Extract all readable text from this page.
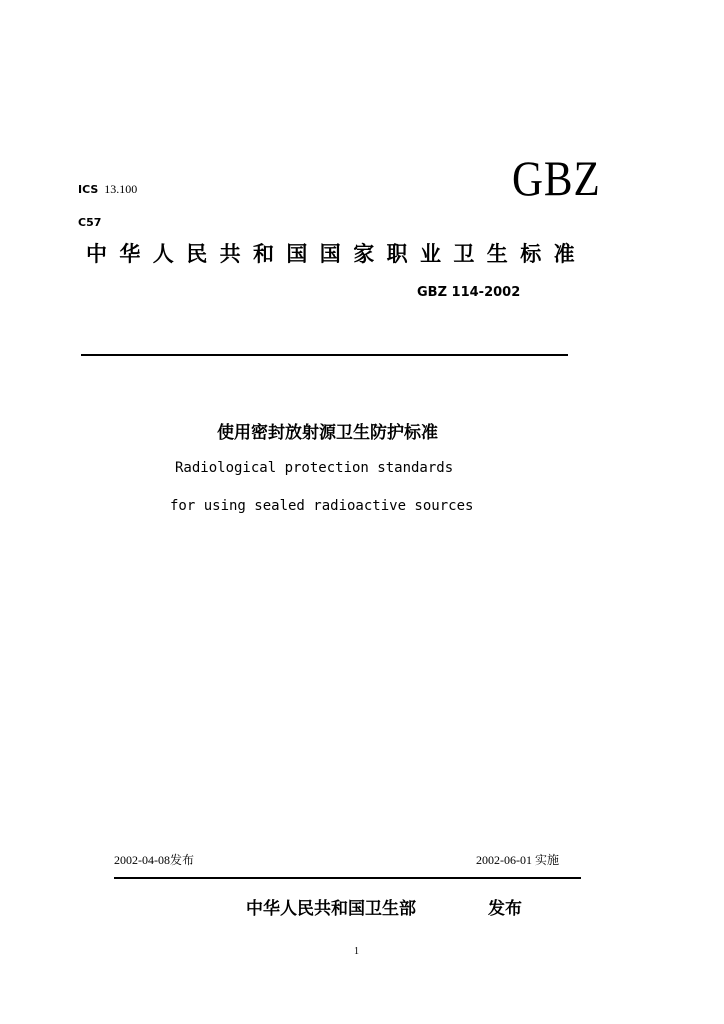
ICS 13.100
C57
GBZ
中华人民共和国国家职业卫生标准
GBZ 114-2002
使用密封放射源卫生防护标准
Radiological protection standards
for using sealed radioactive sources
2002-04-08发布	2002-06-01 实施
中华人民共和国卫生部	发布
1
